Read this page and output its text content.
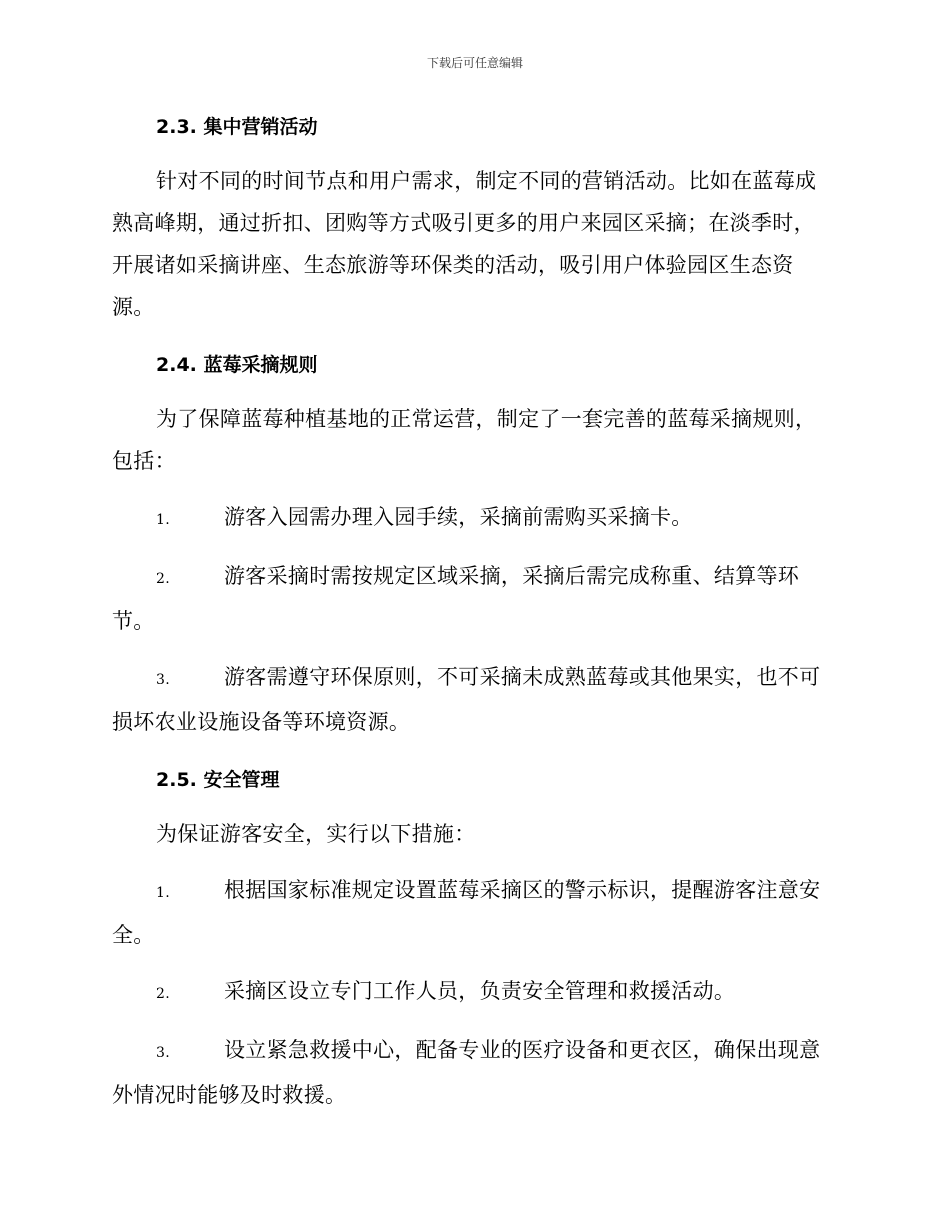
下载后可任意编辑
2.3. 集中营销活动

针对不同的时间节点和用户需求，制定不同的营销活动。比如在蓝莓成熟高峰期，通过折扣、团购等方式吸引更多的用户来园区采摘；在淡季时，开展诸如采摘讲座、生态旅游等环保类的活动，吸引用户体验园区生态资源。

2.4. 蓝莓采摘规则

为了保障蓝莓种植基地的正常运营，制定了一套完善的蓝莓采摘规则，包括：

1.	游客入园需办理入园手续，采摘前需购买采摘卡。

2.	游客采摘时需按规定区域采摘，采摘后需完成称重、结算等环节。

3.	游客需遵守环保原则，不可采摘未成熟蓝莓或其他果实，也不可损坏农业设施设备等环境资源。

2.5. 安全管理

为保证游客安全，实行以下措施：

1.	根据国家标准规定设置蓝莓采摘区的警示标识，提醒游客注意安全。

2.	采摘区设立专门工作人员，负责安全管理和救援活动。

3.	设立紧急救援中心，配备专业的医疗设备和更衣区，确保出现意外情况时能够及时救援。
